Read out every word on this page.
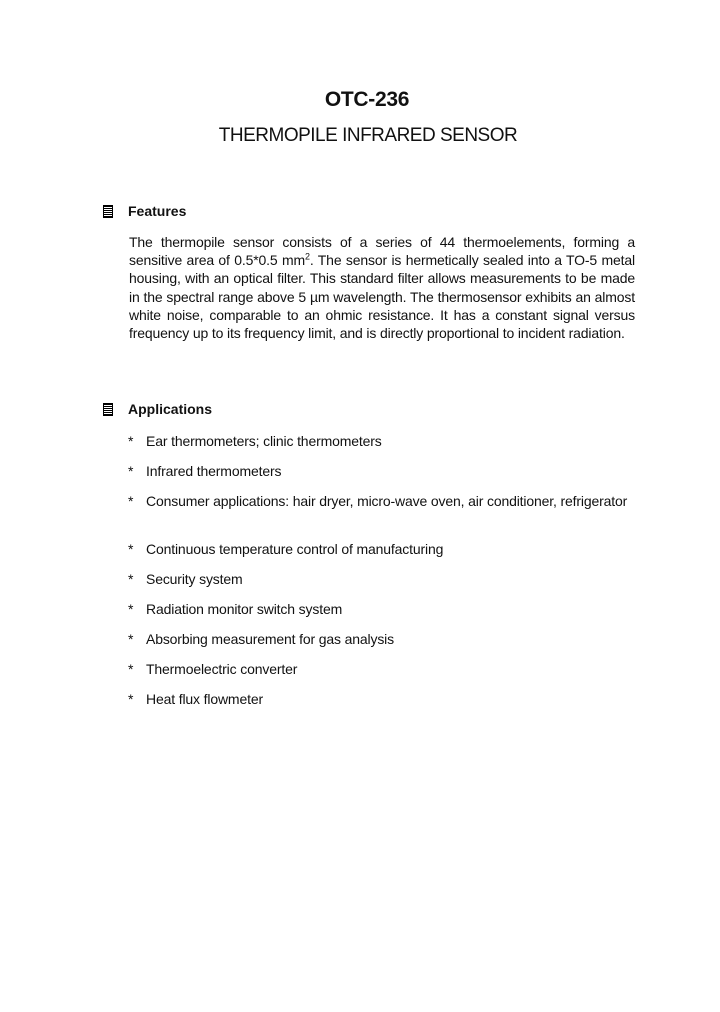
OTC-236
THERMOPILE INFRARED SENSOR
Features

The thermopile sensor consists of a series of 44 thermoelements, forming a sensitive area of 0.5*0.5 $mm^2$. The sensor is hermetically sealed into a TO-5 metal housing, with an optical filter. This standard filter allows measurements to be made in the spectral range above 5 µm wavelength. The thermosensor exhibits an almost white noise, comparable to an ohmic resistance. It has a constant signal versus frequency up to its frequency limit, and is directly proportional to incident radiation.

Applications
* Ear thermometers; clinic thermometers
* Infrared thermometers
* Consumer applications: hair dryer, micro-wave oven, air conditioner, refrigerator
* Continuous temperature control of manufacturing
* Security system
* Radiation monitor switch system
* Absorbing measurement for gas analysis
* Thermoelectric converter
* Heat flux flowmeter
